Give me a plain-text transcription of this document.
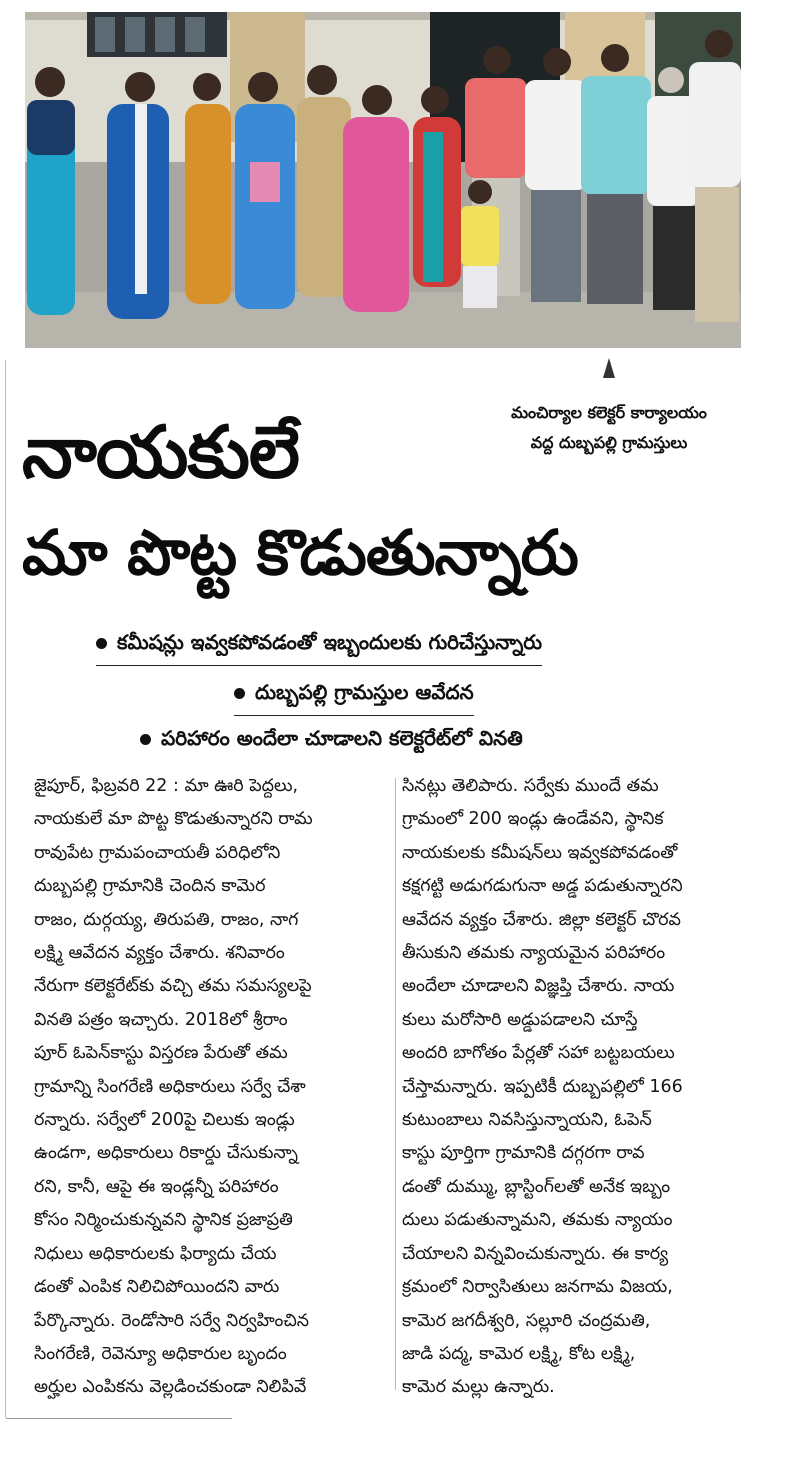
మంచిర్యాల కలెక్టర్ కార్యాలయం
వద్ద దుబ్బపల్లి గ్రామస్తులు
నాయకులే
మా పొట్ట కొడుతున్నారు
కమీషన్లు ఇవ్వకపోవడంతో ఇబ్బందులకు గురిచేస్తున్నారు
దుబ్బపల్లి గ్రామస్తుల ఆవేదన
పరిహారం అందేలా చూడాలని కలెక్టరేట్‌లో వినతి
జైపూర్, ఫిబ్రవరి 22 : మా ఊరి పెద్దలు,
నాయకులే మా పొట్ట కొడుతున్నారని రామ
రావుపేట గ్రామపంచాయతీ పరిధిలోని
దుబ్బపల్లి గ్రామానికి చెందిన కామెర
రాజం, దుర్గయ్య, తిరుపతి, రాజం, నాగ
లక్ష్మి ఆవేదన వ్యక్తం చేశారు. శనివారం
నేరుగా కలెక్టరేట్‌కు వచ్చి తమ సమస్యలపై
వినతి పత్రం ఇచ్చారు. 2018లో శ్రీరాం
పూర్ ఓపెన్‌కాస్టు విస్తరణ పేరుతో తమ
గ్రామాన్ని సింగరేణి అధికారులు సర్వే చేశా
రన్నారు. సర్వేలో 200పై చిలుకు ఇండ్లు
ఉండగా, అధికారులు రికార్డు చేసుకున్నా
రని, కానీ, ఆపై ఈ ఇండ్లన్నీ పరిహారం
కోసం నిర్మించుకున్నవని స్థానిక ప్రజాప్రతి
నిధులు అధికారులకు ఫిర్యాదు చేయ
డంతో ఎంపిక నిలిచిపోయిందని వారు
పేర్కొన్నారు. రెండోసారి సర్వే నిర్వహించిన
సింగరేణి, రెవెన్యూ అధికారుల బృందం
అర్హుల ఎంపికను వెల్లడించకుండా నిలిపివే
సినట్లు తెలిపారు. సర్వేకు ముందే తమ
గ్రామంలో 200 ఇండ్లు ఉండేవని, స్థానిక
నాయకులకు కమీషన్‌లు ఇవ్వకపోవడంతో
కక్షగట్టి అడుగడుగునా అడ్డ పడుతున్నారని
ఆవేదన వ్యక్తం చేశారు. జిల్లా కలెక్టర్ చొరవ
తీసుకుని తమకు న్యాయమైన పరిహారం
అందేలా చూడాలని విజ్ఞప్తి చేశారు. నాయ
కులు మరోసారి అడ్డుపడాలని చూస్తే
అందరి బాగోతం పేర్లతో సహా బట్టబయలు
చేస్తామన్నారు. ఇప్పటికీ దుబ్బపల్లిలో 166
కుటుంబాలు నివసిస్తున్నాయని, ఓపెన్
కాస్టు పూర్తిగా గ్రామానికి దగ్గరగా రావ
డంతో దుమ్ము, బ్లాస్టింగ్‌లతో అనేక ఇబ్బం
దులు పడుతున్నామని, తమకు న్యాయం
చేయాలని విన్నవించుకున్నారు. ఈ కార్య
క్రమంలో నిర్వాసితులు జనగామ విజయ,
కామెర జగదీశ్వరి, సల్లూరి చంద్రమతి,
జాడి పద్మ, కామెర లక్ష్మి, కోట లక్ష్మి,
కామెర మల్లు ఉన్నారు.
